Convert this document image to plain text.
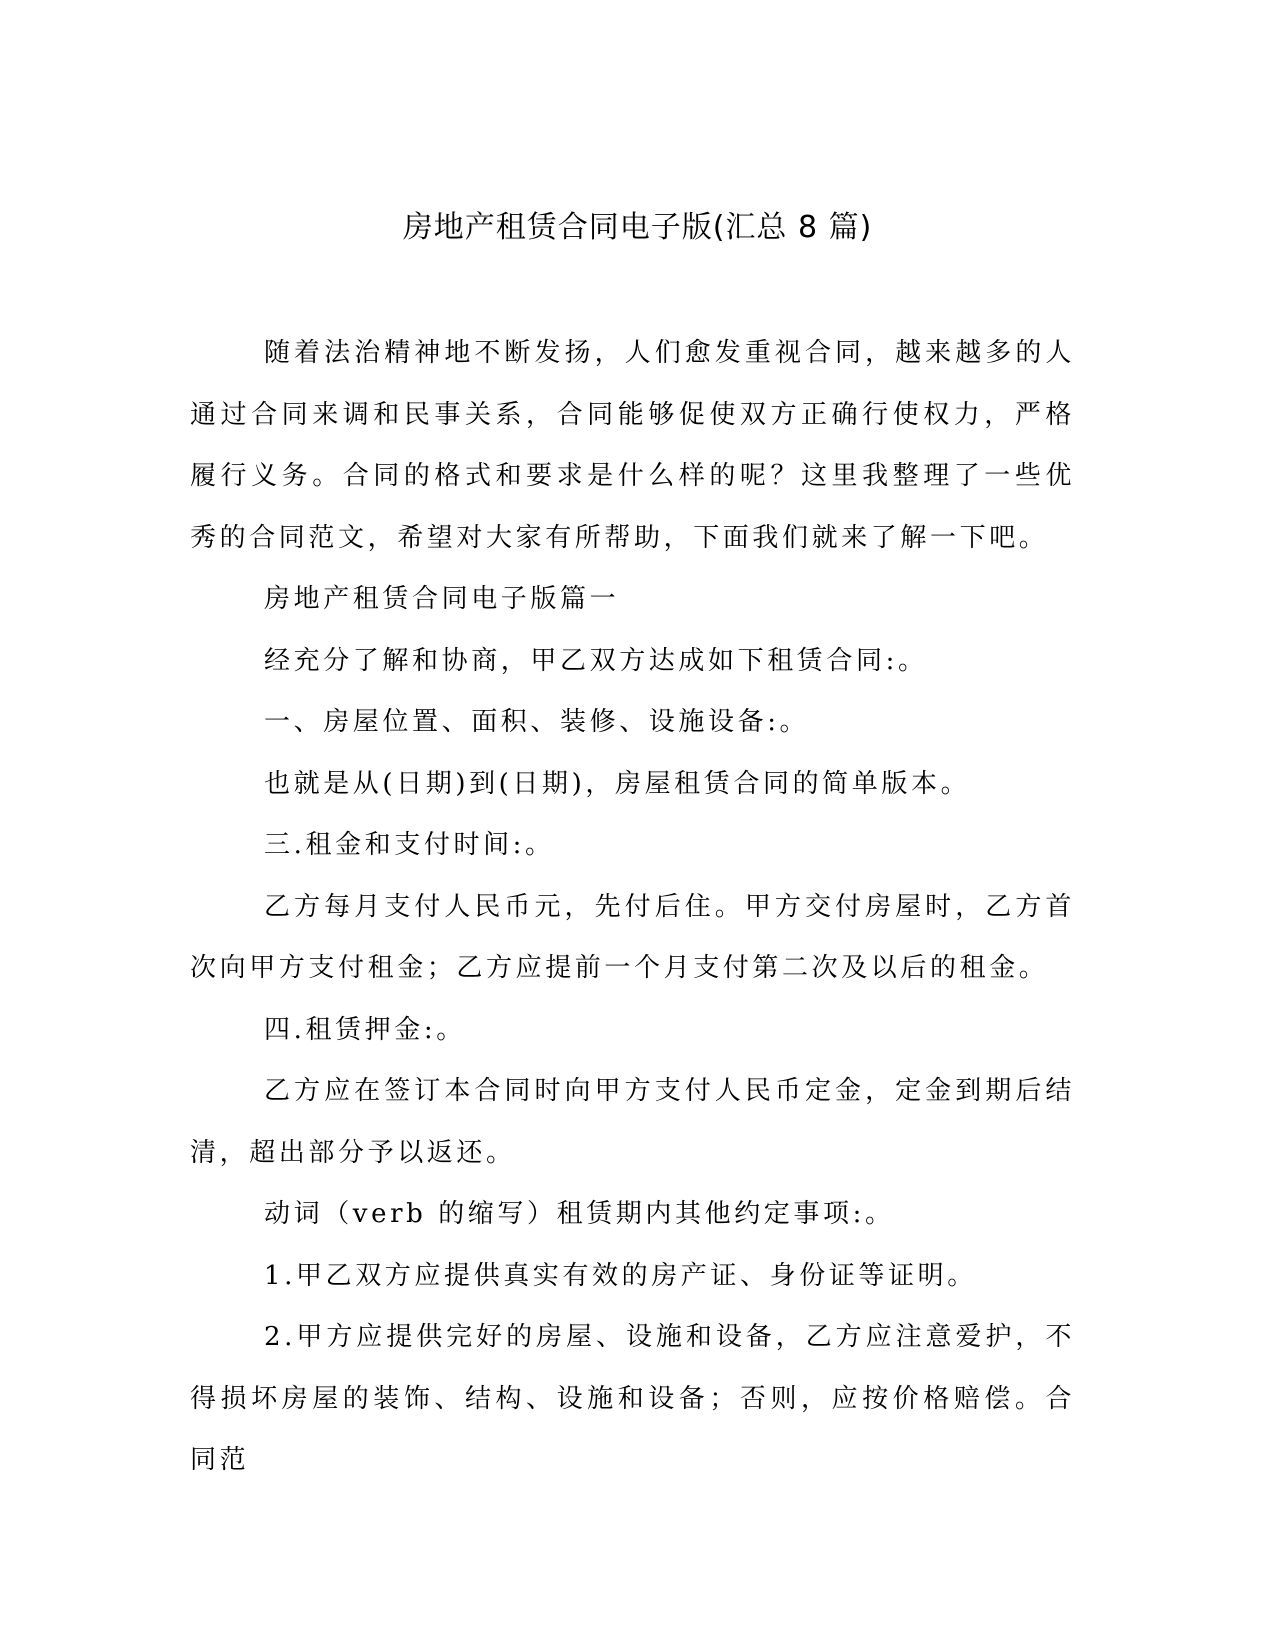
房地产租赁合同电子版(汇总 8 篇)

随着法治精神地不断发扬，人们愈发重视合同，越来越多的人通过合同来调和民事关系，合同能够促使双方正确行使权力，严格履行义务。合同的格式和要求是什么样的呢？这里我整理了一些优秀的合同范文，希望对大家有所帮助，下面我们就来了解一下吧。

房地产租赁合同电子版篇一

经充分了解和协商，甲乙双方达成如下租赁合同:。

一、房屋位置、面积、装修、设施设备:。

也就是从(日期)到(日期)，房屋租赁合同的简单版本。

三.租金和支付时间:。

乙方每月支付人民币元，先付后住。甲方交付房屋时，乙方首次向甲方支付租金；乙方应提前一个月支付第二次及以后的租金。

四.租赁押金:。

乙方应在签订本合同时向甲方支付人民币定金，定金到期后结清，超出部分予以返还。

动词（verb 的缩写）租赁期内其他约定事项:。

1.甲乙双方应提供真实有效的房产证、身份证等证明。

2.甲方应提供完好的房屋、设施和设备，乙方应注意爱护，不得损坏房屋的装饰、结构、设施和设备；否则，应按价格赔偿。合同范
